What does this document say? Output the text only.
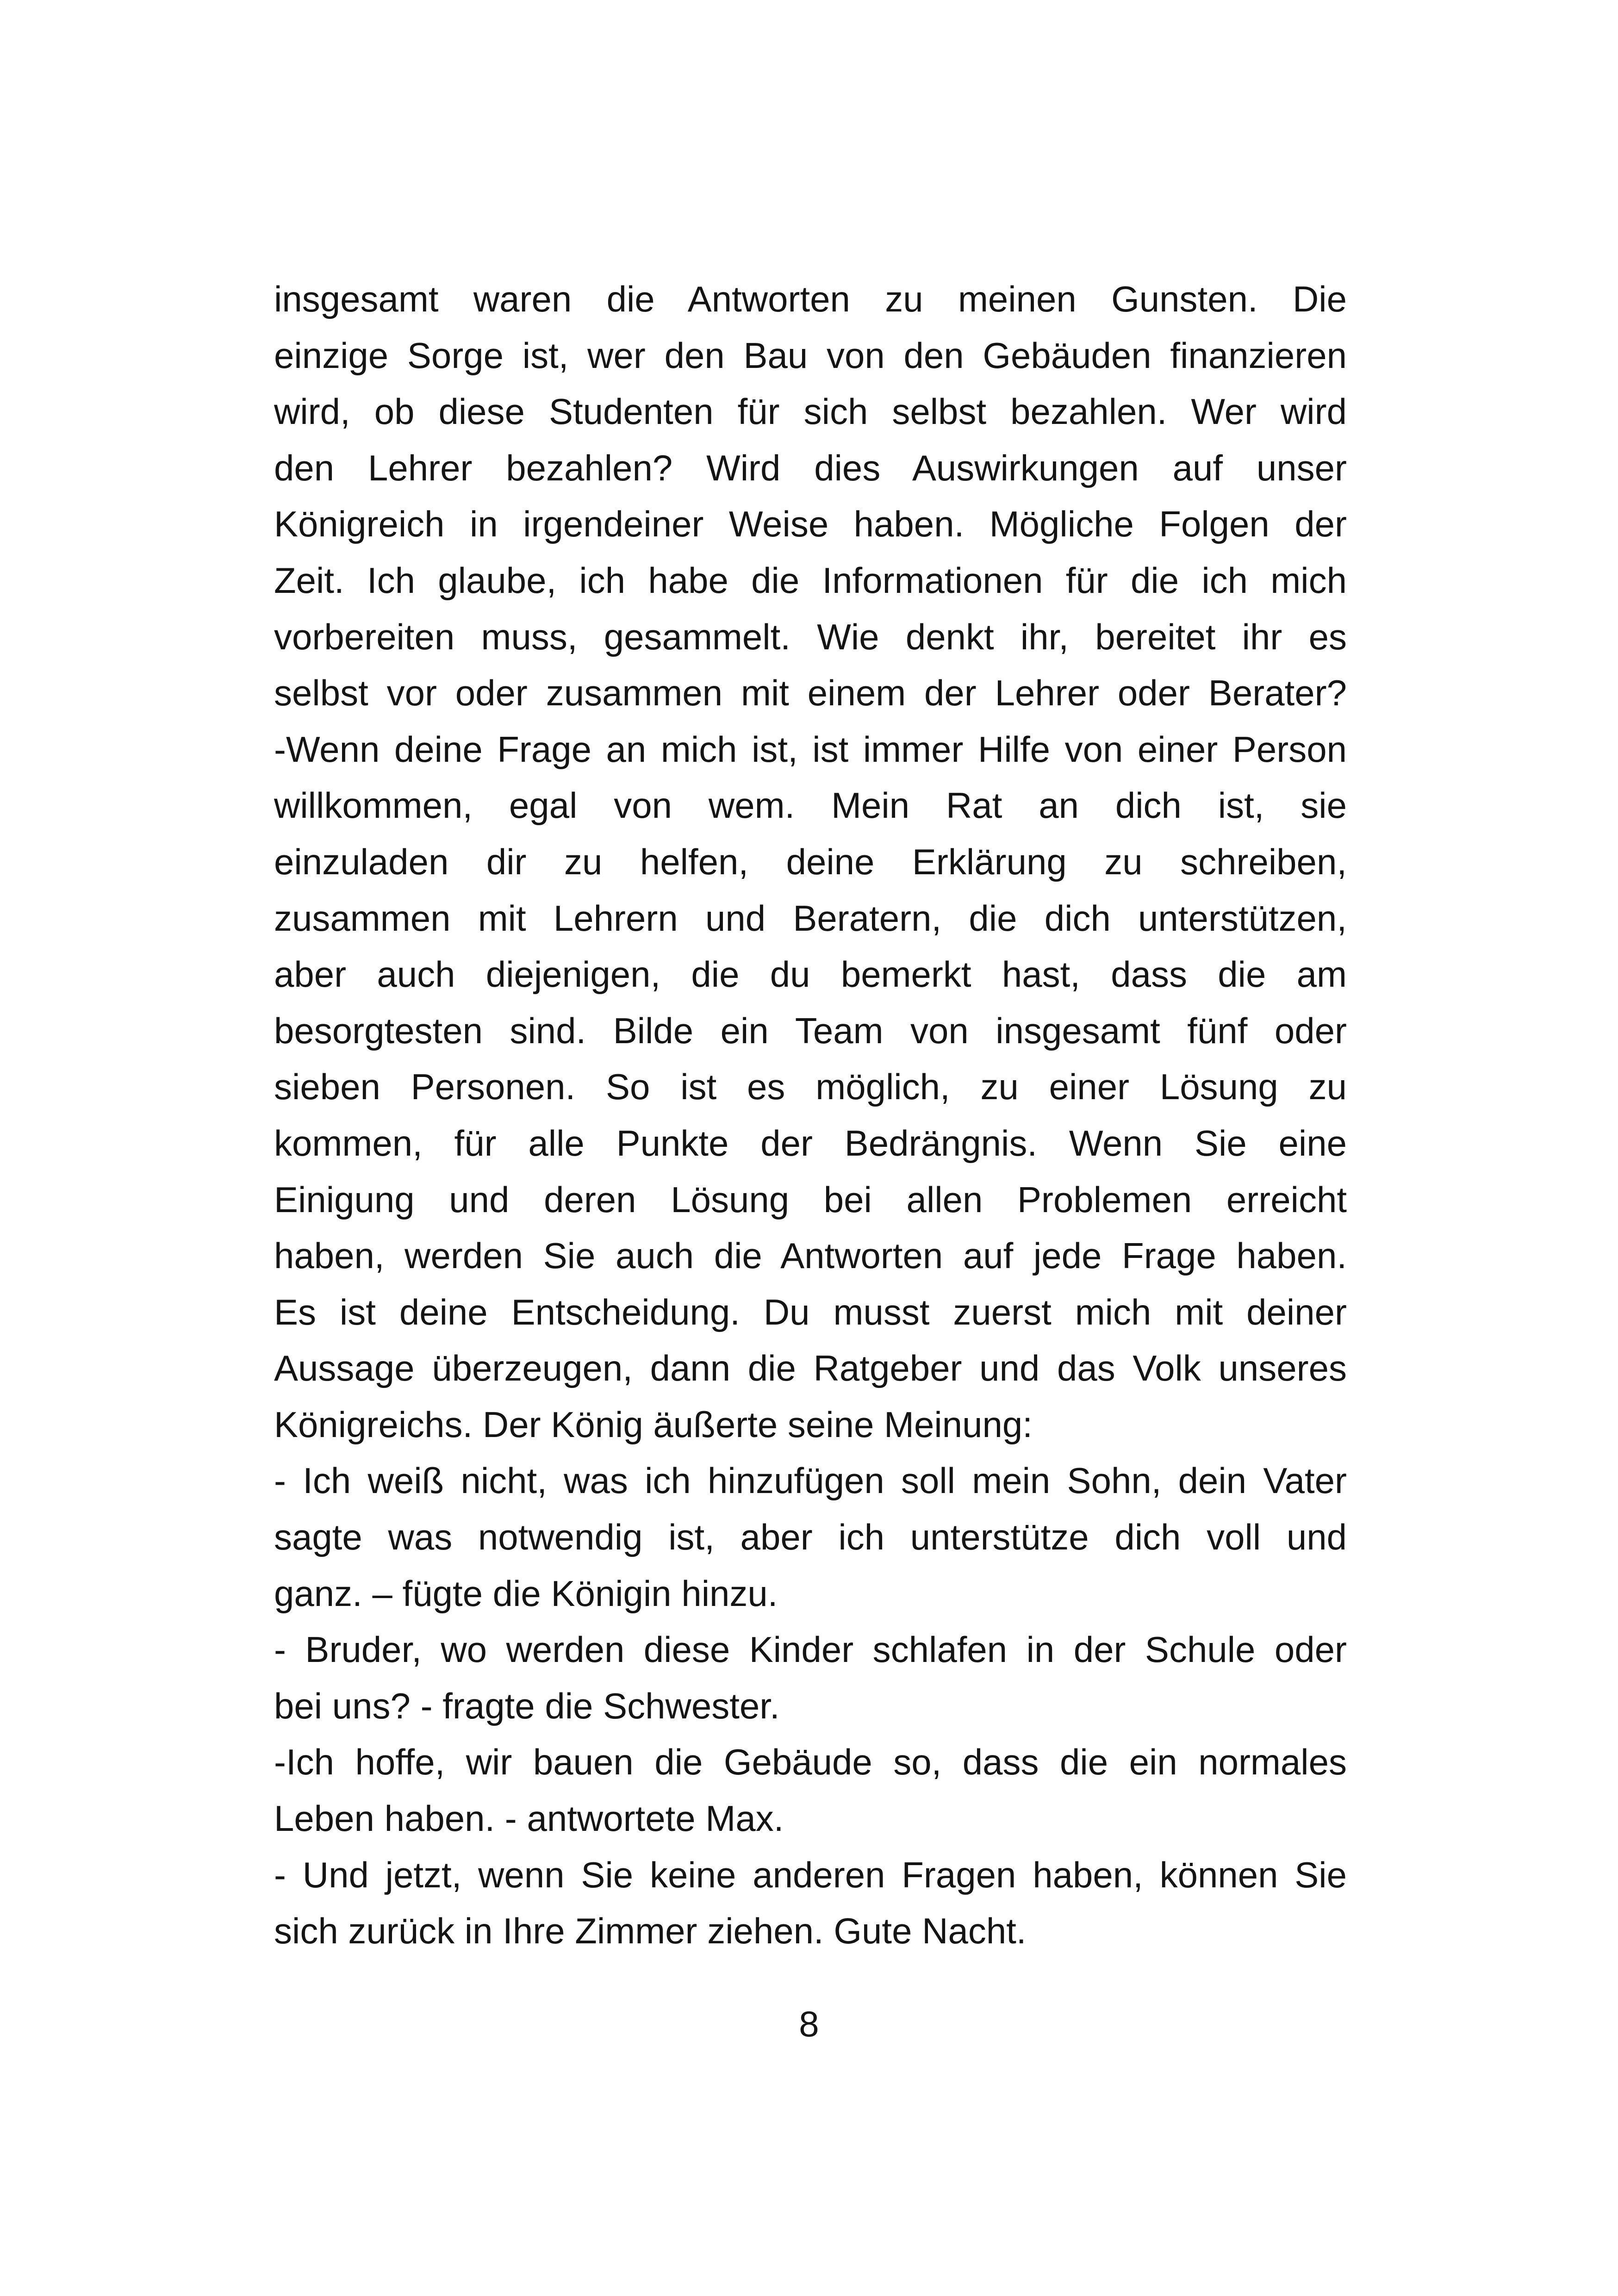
insgesamt waren die Antworten zu meinen Gunsten. Die
einzige Sorge ist, wer den Bau von den Gebäuden finanzieren
wird, ob diese Studenten für sich selbst bezahlen. Wer wird
den Lehrer bezahlen? Wird dies Auswirkungen auf unser
Königreich in irgendeiner Weise haben. Mögliche Folgen der
Zeit. Ich glaube, ich habe die Informationen für die ich mich
vorbereiten muss, gesammelt. Wie denkt ihr, bereitet ihr es
selbst vor oder zusammen mit einem der Lehrer oder Berater?
-Wenn deine Frage an mich ist, ist immer Hilfe von einer Person
willkommen, egal von wem. Mein Rat an dich ist, sie
einzuladen dir zu helfen, deine Erklärung zu schreiben,
zusammen mit Lehrern und Beratern, die dich unterstützen,
aber auch diejenigen, die du bemerkt hast, dass die am
besorgtesten sind. Bilde ein Team von insgesamt fünf oder
sieben Personen. So ist es möglich, zu einer Lösung zu
kommen, für alle Punkte der Bedrängnis. Wenn Sie eine
Einigung und deren Lösung bei allen Problemen erreicht
haben, werden Sie auch die Antworten auf jede Frage haben.
Es ist deine Entscheidung. Du musst zuerst mich mit deiner
Aussage überzeugen, dann die Ratgeber und das Volk unseres
Königreichs. Der König äußerte seine Meinung:
- Ich weiß nicht, was ich hinzufügen soll mein Sohn, dein Vater
sagte was notwendig ist, aber ich unterstütze dich voll und
ganz. – fügte die Königin hinzu.
- Bruder, wo werden diese Kinder schlafen in der Schule oder
bei uns? - fragte die Schwester.
-Ich hoffe, wir bauen die Gebäude so, dass die ein normales
Leben haben. - antwortete Max.
- Und jetzt, wenn Sie keine anderen Fragen haben, können Sie
sich zurück in Ihre Zimmer ziehen. Gute Nacht.
8
